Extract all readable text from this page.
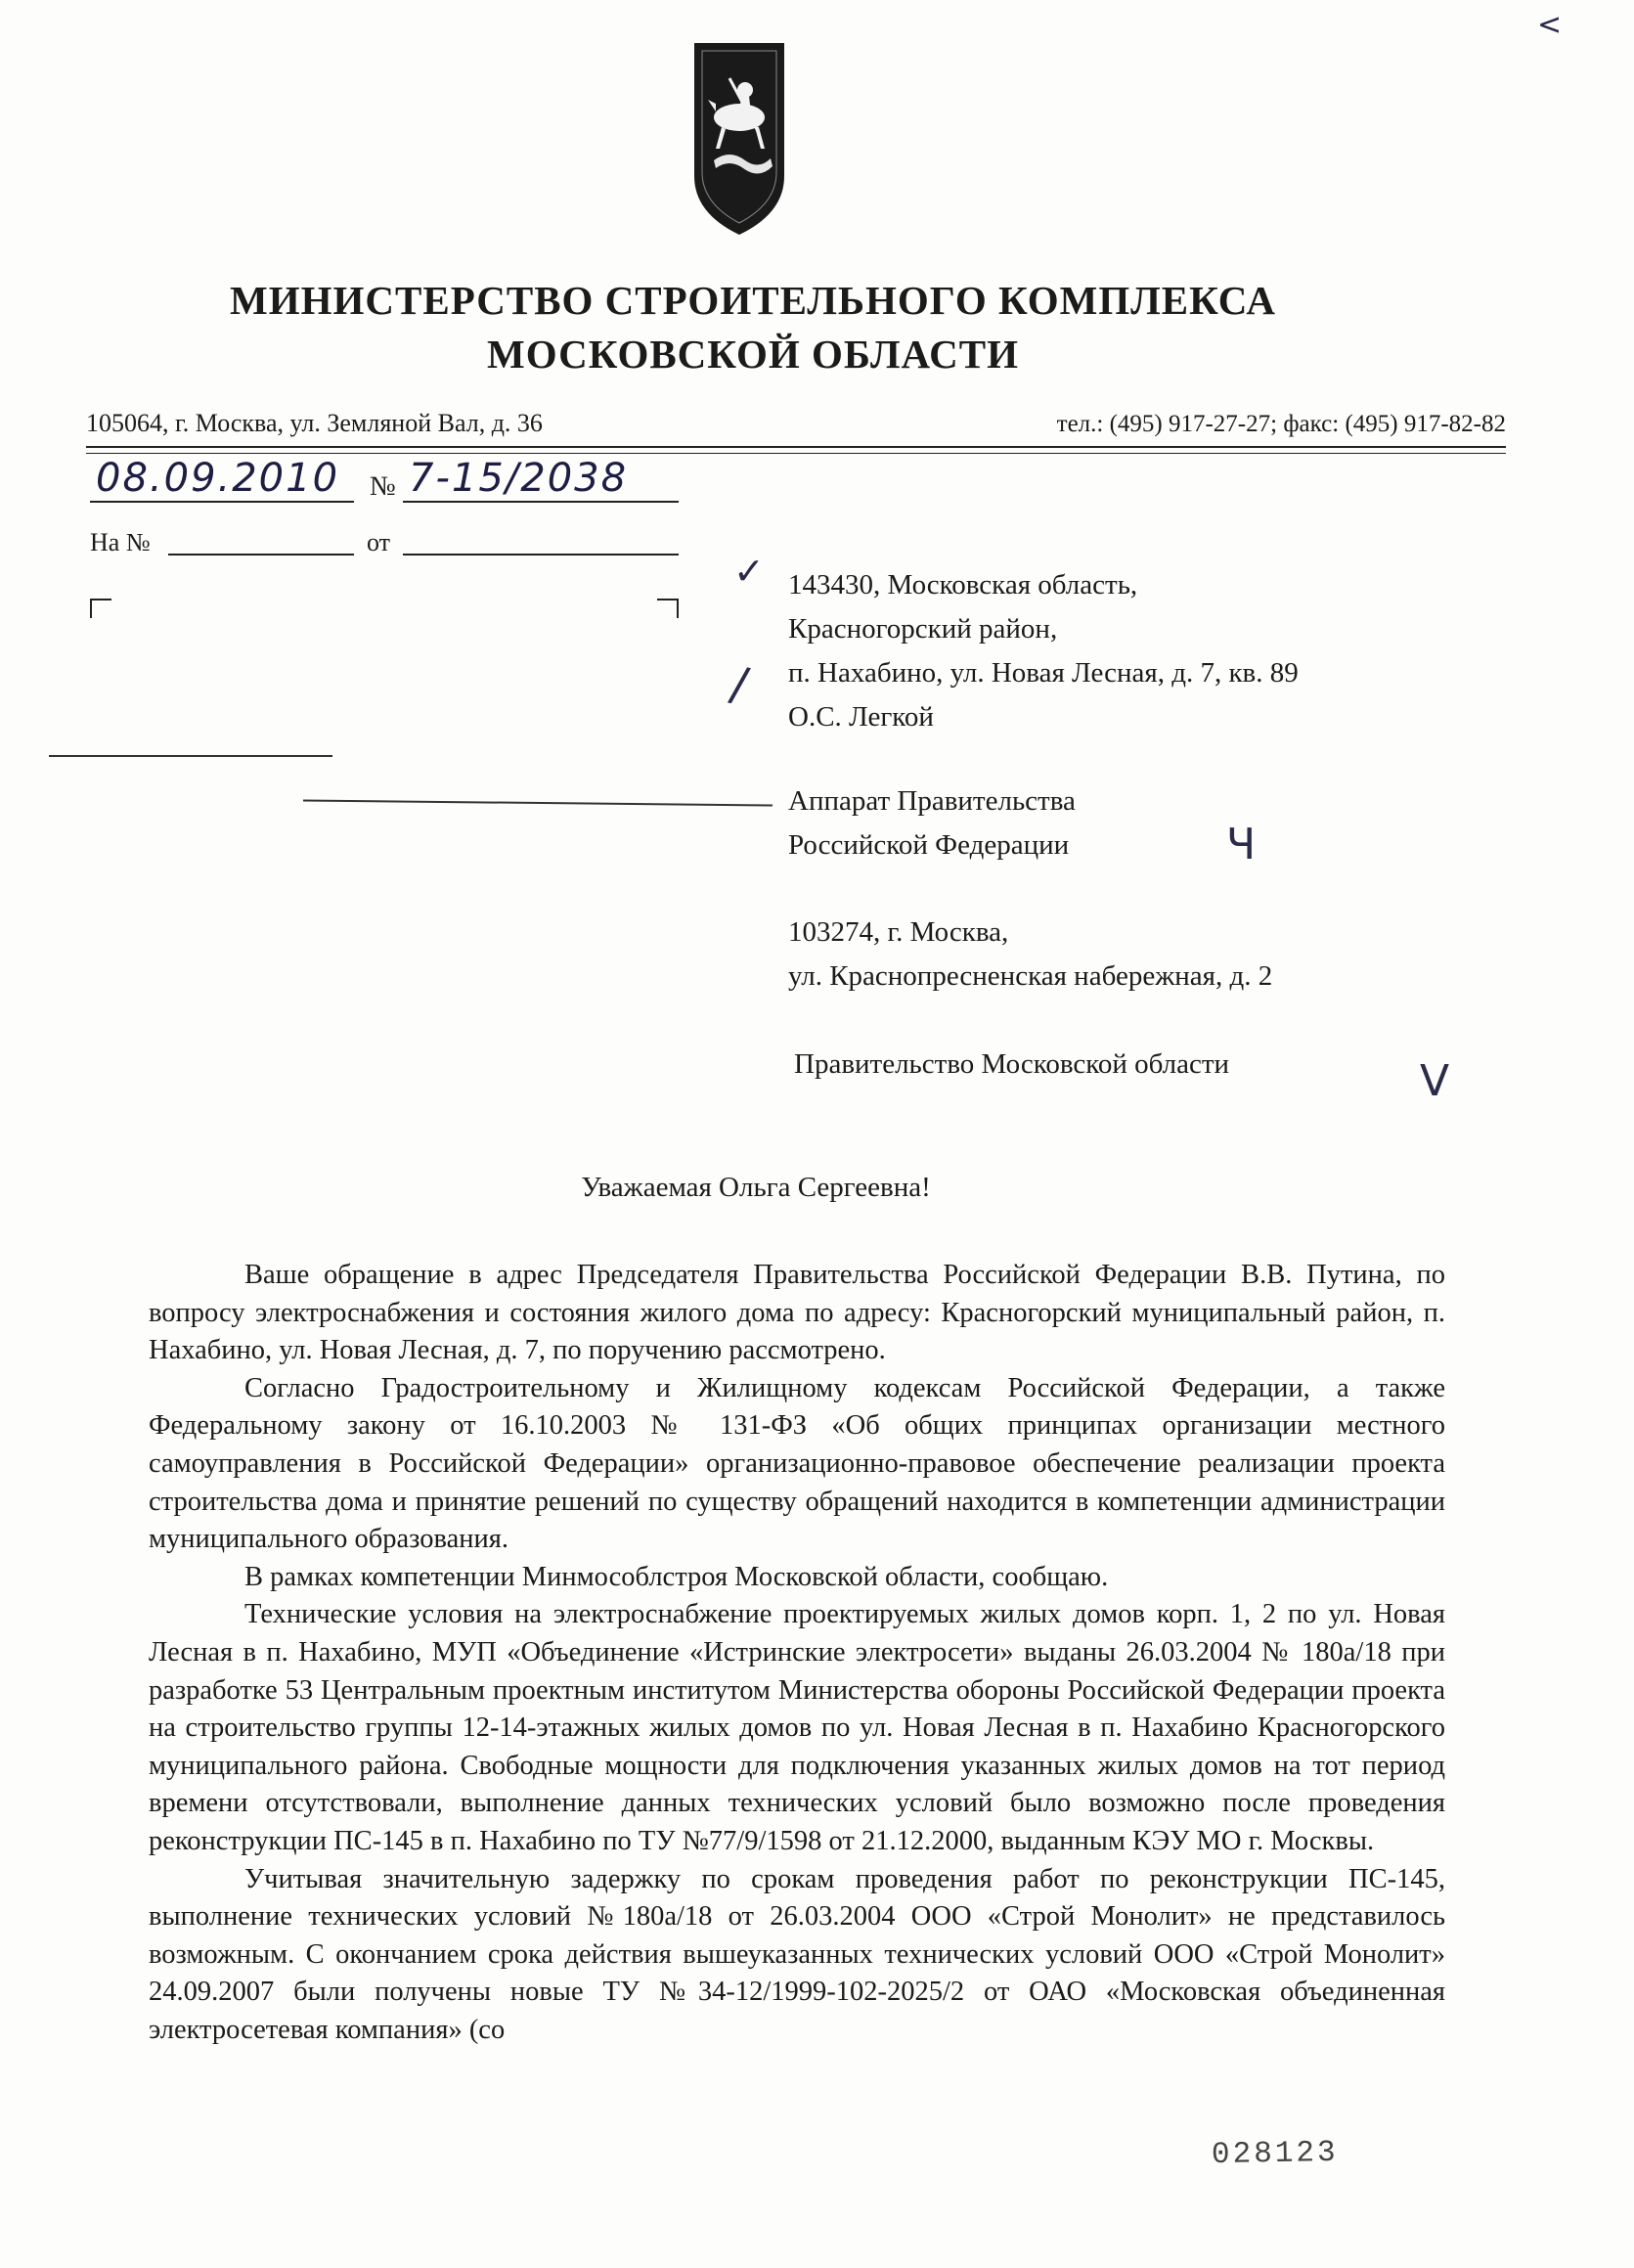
МИНИСТЕРСТВО СТРОИТЕЛЬНОГО КОМПЛЕКСА
МОСКОВСКОЙ ОБЛАСТИ
105064, г. Москва, ул. Земляной Вал, д. 36	тел.: (495) 917-27-27; факс: (495) 917-82-82
08.09.2010 № 7-15/2038
На №	от
143430, Московская область,
Красногорский район,
п. Нахабино, ул. Новая Лесная, д. 7, кв. 89
О.С. Легкой
Аппарат Правительства
Российской Федерации
103274, г. Москва,
ул. Краснопресненская набережная, д. 2
Правительство Московской области
✓
/
Ч
V
<
Уважаемая Ольга Сергеевна!

Ваше обращение в адрес Председателя Правительства Российской Федерации В.В. Путина, по вопросу электроснабжения и состояния жилого дома по адресу: Красногорский муниципальный район, п. Нахабино, ул. Новая Лесная, д. 7, по поручению рассмотрено.

Согласно Градостроительному и Жилищному кодексам Российской Федерации, а также Федеральному закону от 16.10.2003 № 131-ФЗ «Об общих принципах организации местного самоуправления в Российской Федерации» организационно-правовое обеспечение реализации проекта строительства дома и принятие решений по существу обращений находится в компетенции администрации муниципального образования.

В рамках компетенции Минмособлстроя Московской области, сообщаю.

Технические условия на электроснабжение проектируемых жилых домов корп. 1, 2 по ул. Новая Лесная в п. Нахабино, МУП «Объединение «Истринские электросети» выданы 26.03.2004 № 180а/18 при разработке 53 Центральным проектным институтом Министерства обороны Российской Федерации проекта на строительство группы 12-14-этажных жилых домов по ул. Новая Лесная в п. Нахабино Красногорского муниципального района. Свободные мощности для подключения указанных жилых домов на тот период времени отсутствовали, выполнение данных технических условий было возможно после проведения реконструкции ПС-145 в п. Нахабино по ТУ №77/9/1598 от 21.12.2000, выданным КЭУ МО г. Москвы.

Учитывая значительную задержку по срокам проведения работ по реконструкции ПС-145, выполнение технических условий №180а/18 от 26.03.2004 ООО «Строй Монолит» не представилось возможным. С окончанием срока действия вышеуказанных технических условий ООО «Строй Монолит» 24.09.2007 были получены новые ТУ №34-12/1999-102-2025/2 от ОАО «Московская объединенная электросетевая компания» (со

028123
